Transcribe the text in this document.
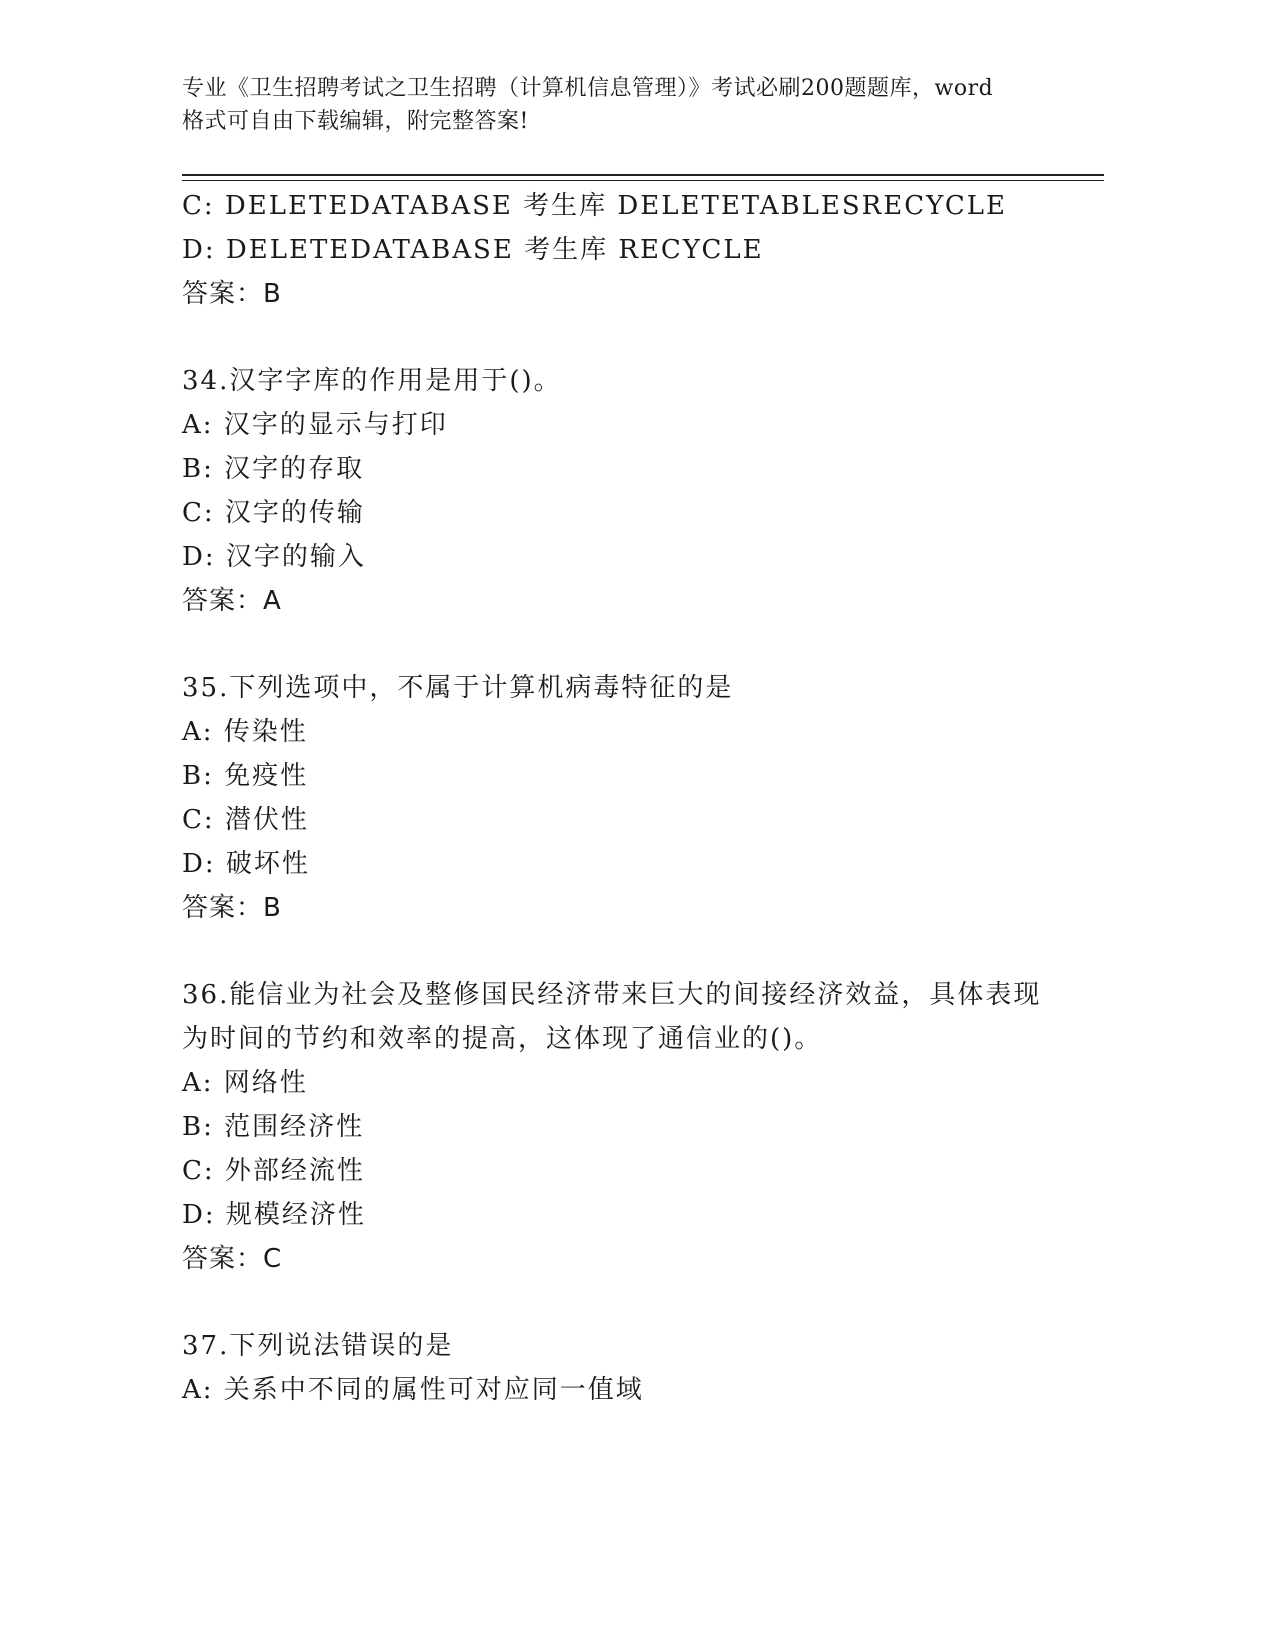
专业《卫生招聘考试之卫生招聘（计算机信息管理）》考试必刷200题题库，word
格式可自由下载编辑，附完整答案!
C: DELETEDATABASE 考生库 DELETETABLESRECYCLE
D: DELETEDATABASE 考生库 RECYCLE
答案：B
34.汉字字库的作用是用于()。
A: 汉字的显示与打印
B: 汉字的存取
C: 汉字的传输
D: 汉字的输入
答案：A
35.下列选项中，不属于计算机病毒特征的是
A: 传染性
B: 免疫性
C: 潜伏性
D: 破坏性
答案：B
36.能信业为社会及整修国民经济带来巨大的间接经济效益，具体表现
为时间的节约和效率的提高，这体现了通信业的()。
A: 网络性
B: 范围经济性
C: 外部经流性
D: 规模经济性
答案：C
37.下列说法错误的是
A: 关系中不同的属性可对应同一值域
